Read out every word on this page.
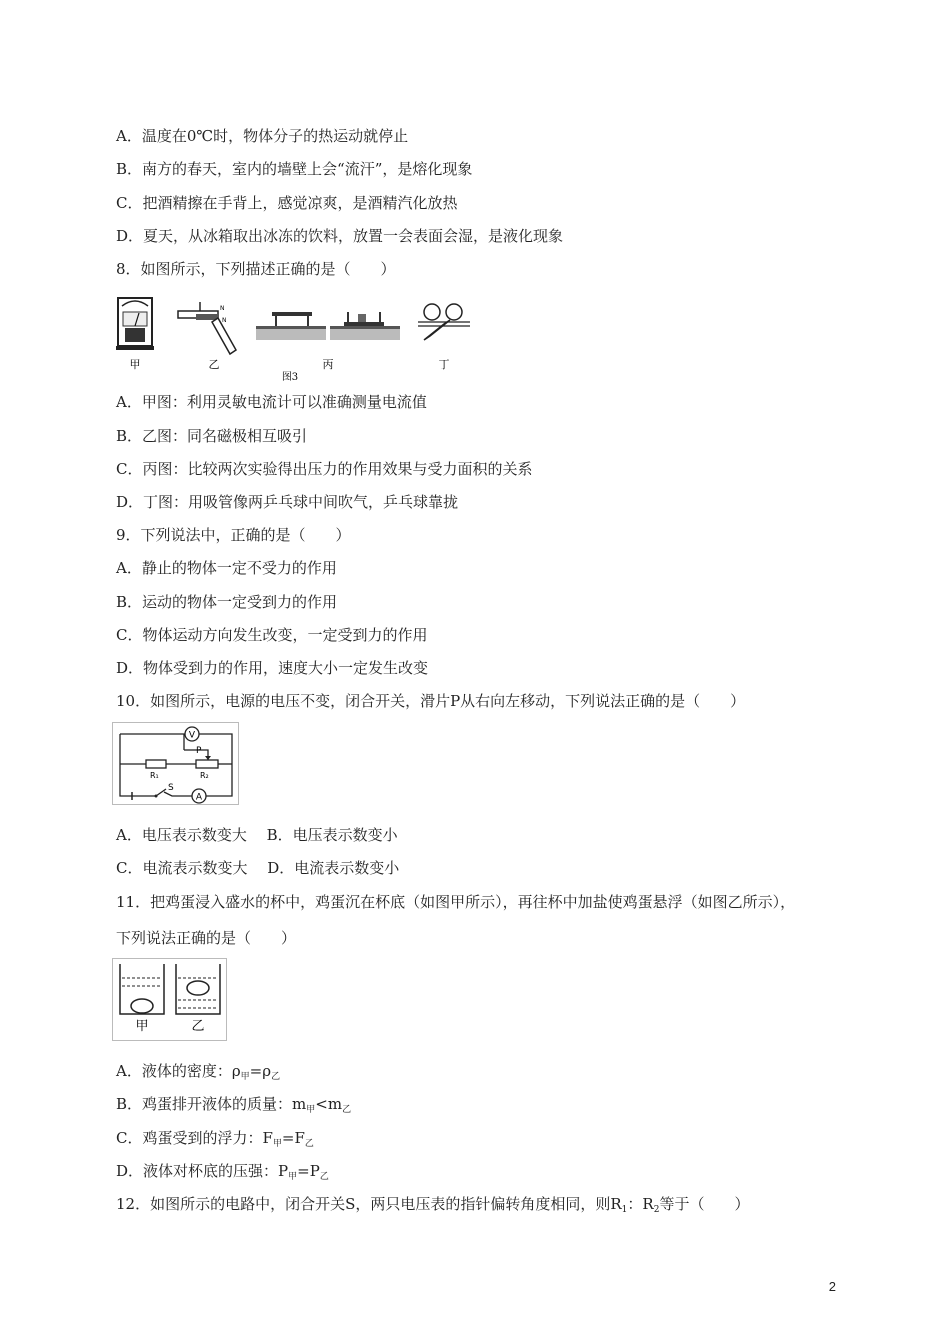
A．温度在0℃时，物体分子的热运动就停止
B．南方的春天，室内的墙壁上会“流汗”，是熔化现象
C．把酒精擦在手背上，感觉凉爽，是酒精汽化放热
D．夏天，从冰箱取出冰冻的饮料，放置一会表面会湿，是液化现象
8．如图所示，下列描述正确的是（　　）
N
N
甲	乙
图3
丙	丁
A．甲图：利用灵敏电流计可以准确测量电流值
B．乙图：同名磁极相互吸引
C．丙图：比较两次实验得出压力的作用效果与受力面积的关系
D．丁图：用吸管像两乒乓球中间吹气，乒乓球靠拢
9．下列说法中，正确的是（　　）
A．静止的物体一定不受力的作用
B．运动的物体一定受到力的作用
C．物体运动方向发生改变，一定受到力的作用
D．物体受到力的作用，速度大小一定发生改变
10．如图所示，电源的电压不变，闭合开关，滑片P从右向左移动，下列说法正确的是（　　）
V
A
P
R₁	R₂
S
A．电压表示数变大　 B．电压表示数变小
C．电流表示数变大　 D．电流表示数变小
11．把鸡蛋浸入盛水的杯中，鸡蛋沉在杯底（如图甲所示），再往杯中加盐使鸡蛋悬浮（如图乙所示），
下列说法正确的是（　　）
甲	乙
A．液体的密度：$\rho_甲=\rho_乙$
B．鸡蛋排开液体的质量：$m_甲<m_乙$
C．鸡蛋受到的浮力：$F_甲=F_乙$
D．液体对杯底的压强：$P_甲=P_乙$
12．如图所示的电路中，闭合开关S，两只电压表的指针偏转角度相同，则$R_1$：$R_2$等于（　　）
2
